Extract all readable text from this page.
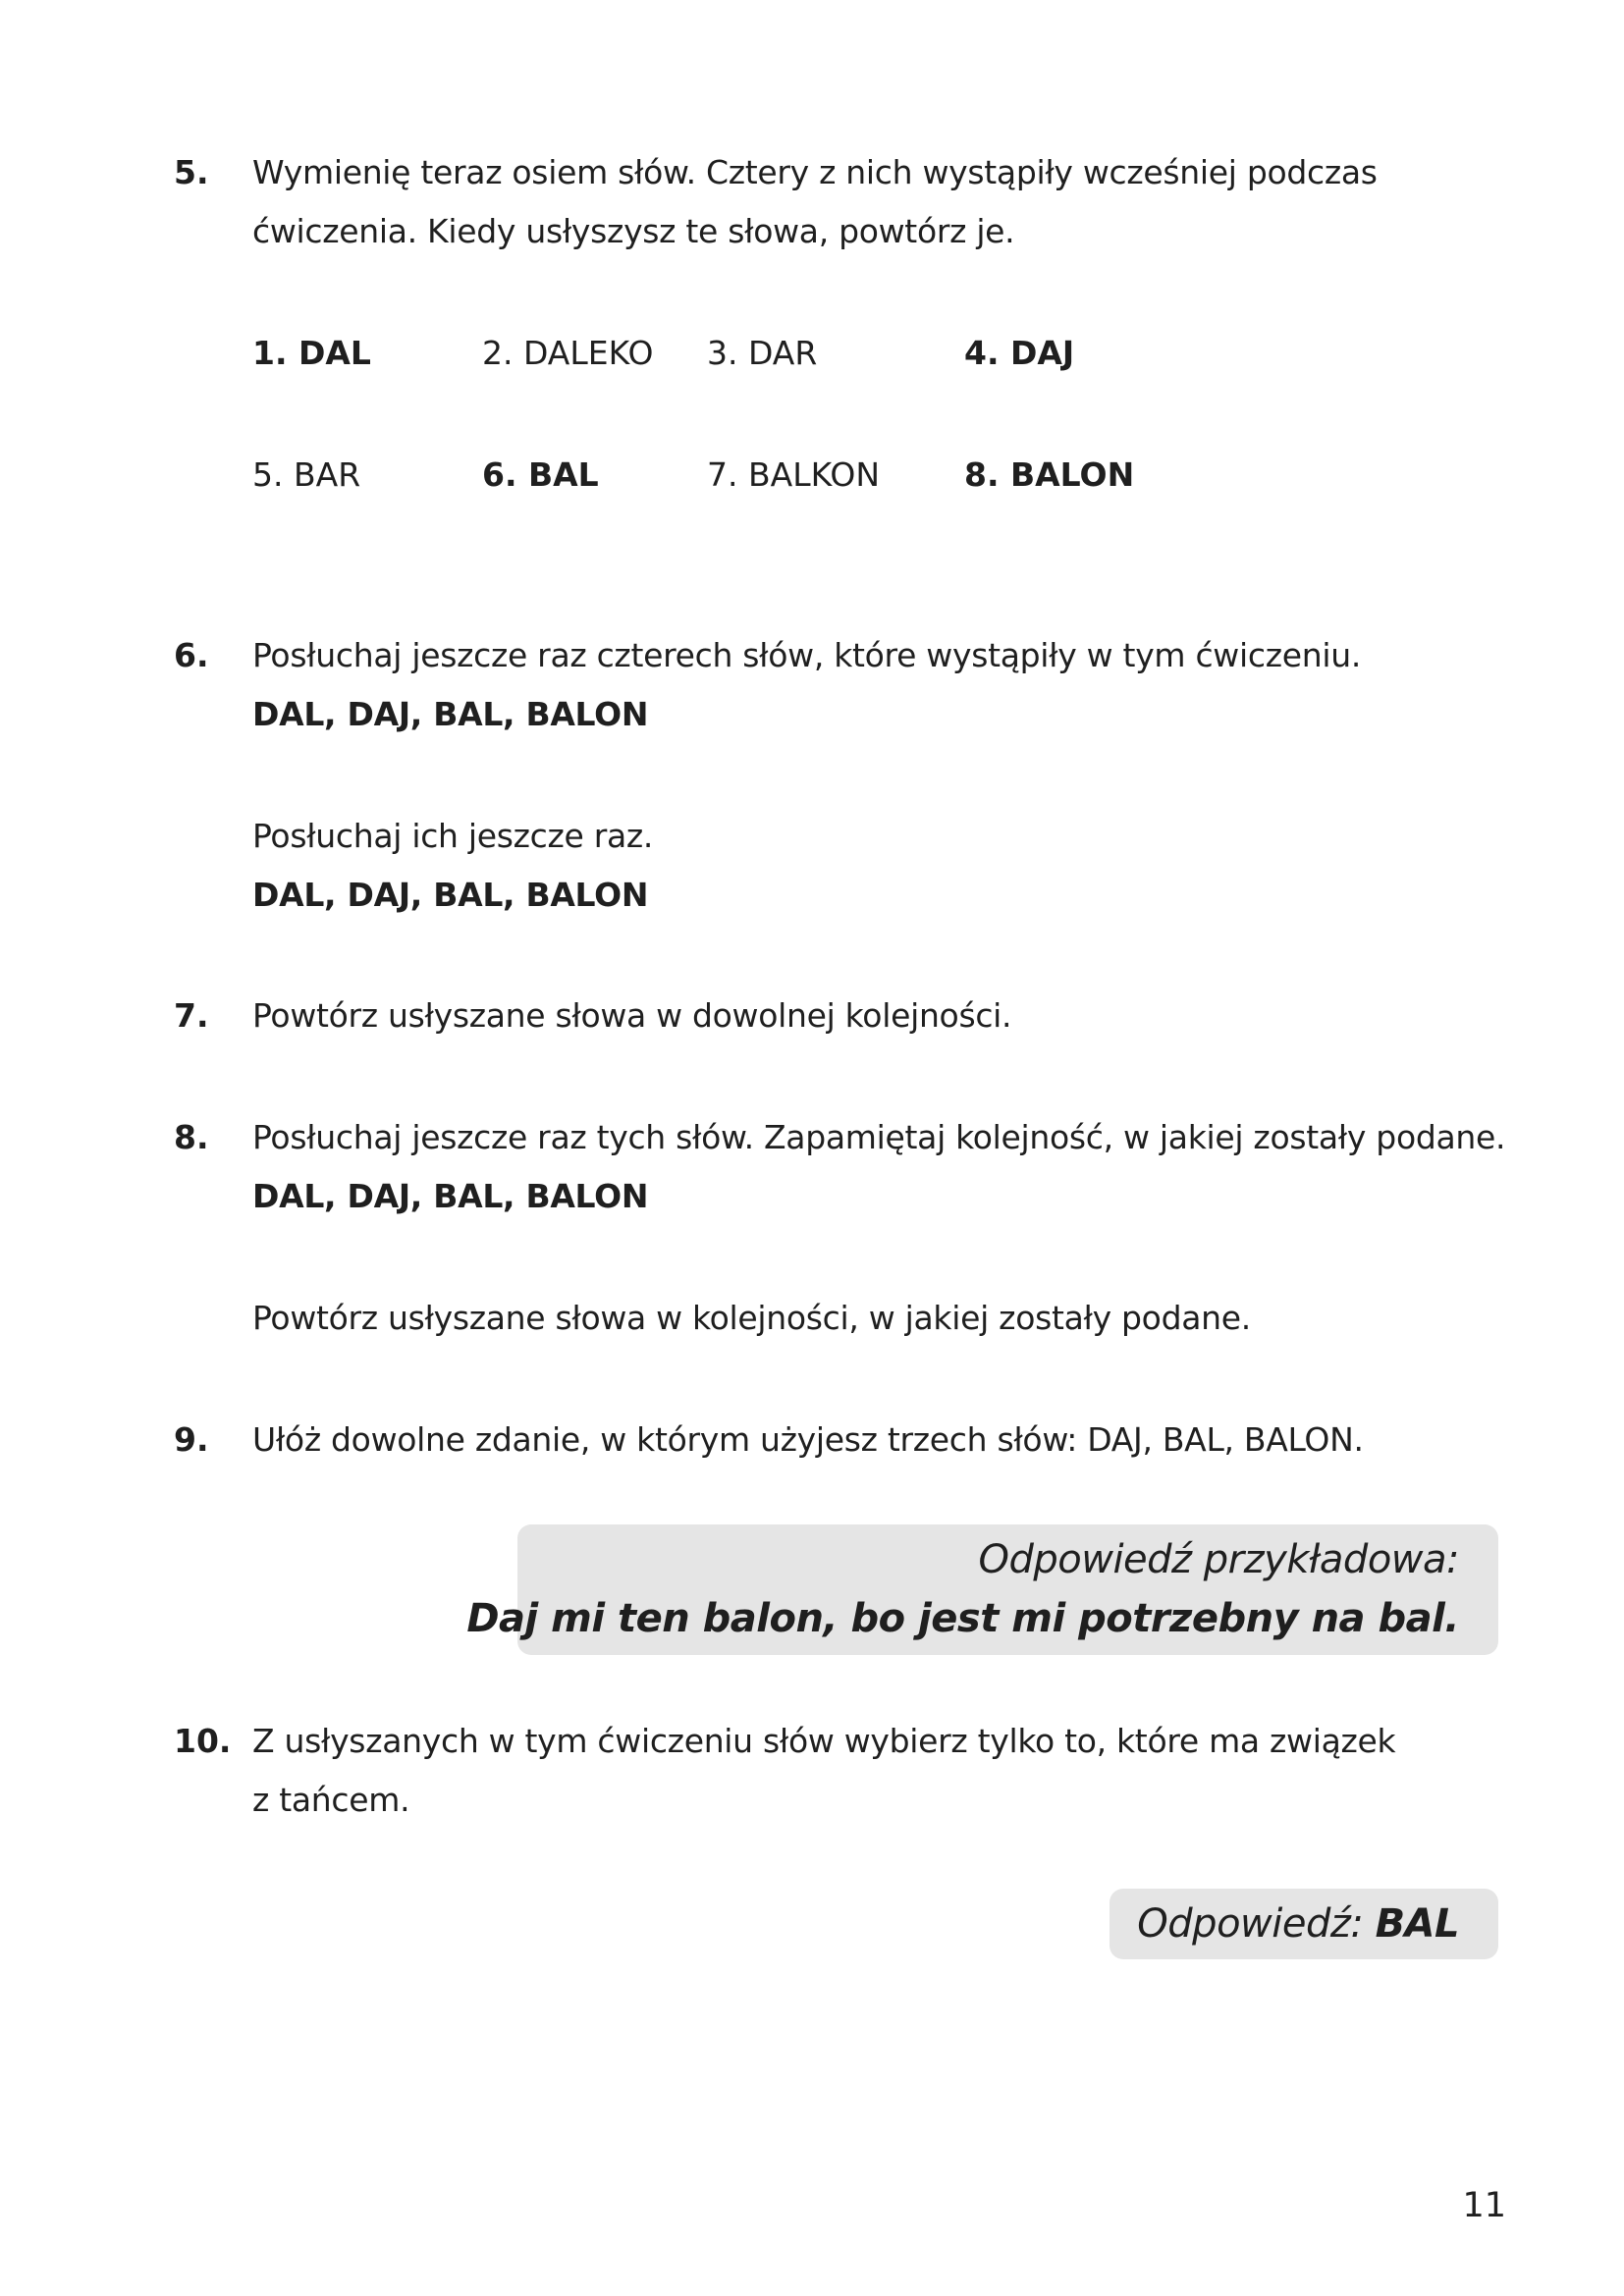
5. Wymienię teraz osiem słów. Cztery z nich wystąpiły wcześniej podczas
ćwiczenia. Kiedy usłyszysz te słowa, powtórz je.
1. DAL	2. DALEKO 3. DAR	4. DAJ
5. BAR	6. BAL	7. BALKON	8. BALON
6. Posłuchaj jeszcze raz czterech słów, które wystąpiły w tym ćwiczeniu.
DAL, DAJ, BAL, BALON
Posłuchaj ich jeszcze raz.
DAL, DAJ, BAL, BALON
7. Powtórz usłyszane słowa w dowolnej kolejności.
8. Posłuchaj jeszcze raz tych słów. Zapamiętaj kolejność, w jakiej zostały podane.
DAL, DAJ, BAL, BALON
Powtórz usłyszane słowa w kolejności, w jakiej zostały podane.
9. Ułóż dowolne zdanie, w którym użyjesz trzech słów: DAJ, BAL, BALON.
Odpowiedź przykładowa:
Daj mi ten balon, bo jest mi potrzebny na bal.
10. Z usłyszanych w tym ćwiczeniu słów wybierz tylko to, które ma związek
z tańcem.
Odpowiedź: BAL
11
